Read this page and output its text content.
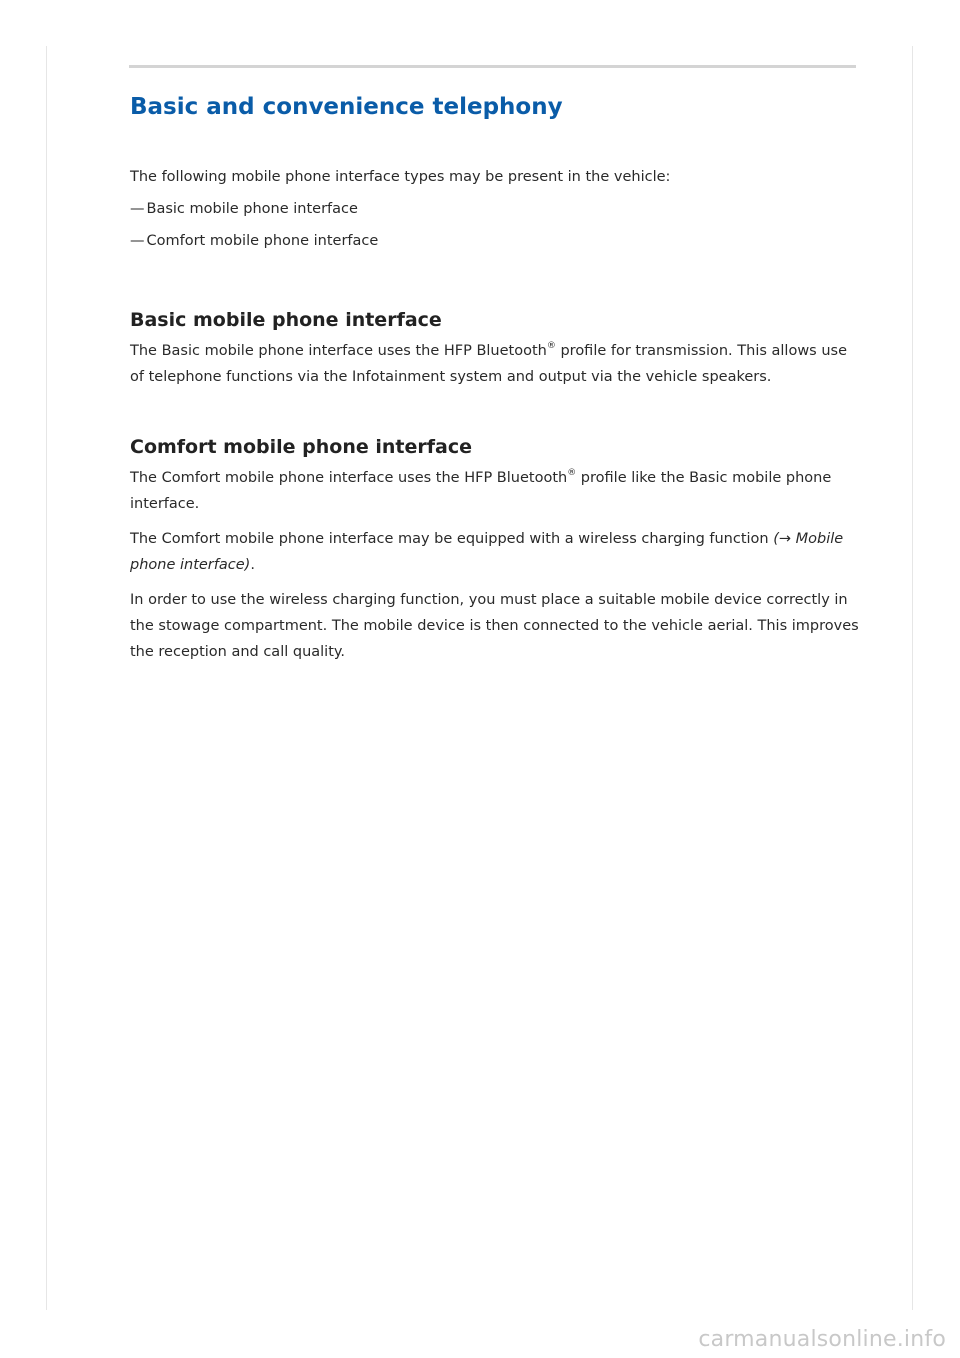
Basic and convenience telephony

The following mobile phone interface types may be present in the vehicle:

— Basic mobile phone interface

— Comfort mobile phone interface

Basic mobile phone interface

The Basic mobile phone interface uses the HFP Bluetooth® profile for transmission. This allows use of telephone functions via the Infotainment system and output via the vehicle speakers.

Comfort mobile phone interface

The Comfort mobile phone interface uses the HFP Bluetooth® profile like the Basic mobile phone interface.

The Comfort mobile phone interface may be equipped with a wireless charging function (→ Mobile phone interface).

In order to use the wireless charging function, you must place a suitable mobile device correctly in the stowage compartment. The mobile device is then connected to the vehicle aerial. This improves the reception and call quality.

carmanualsonline.info
